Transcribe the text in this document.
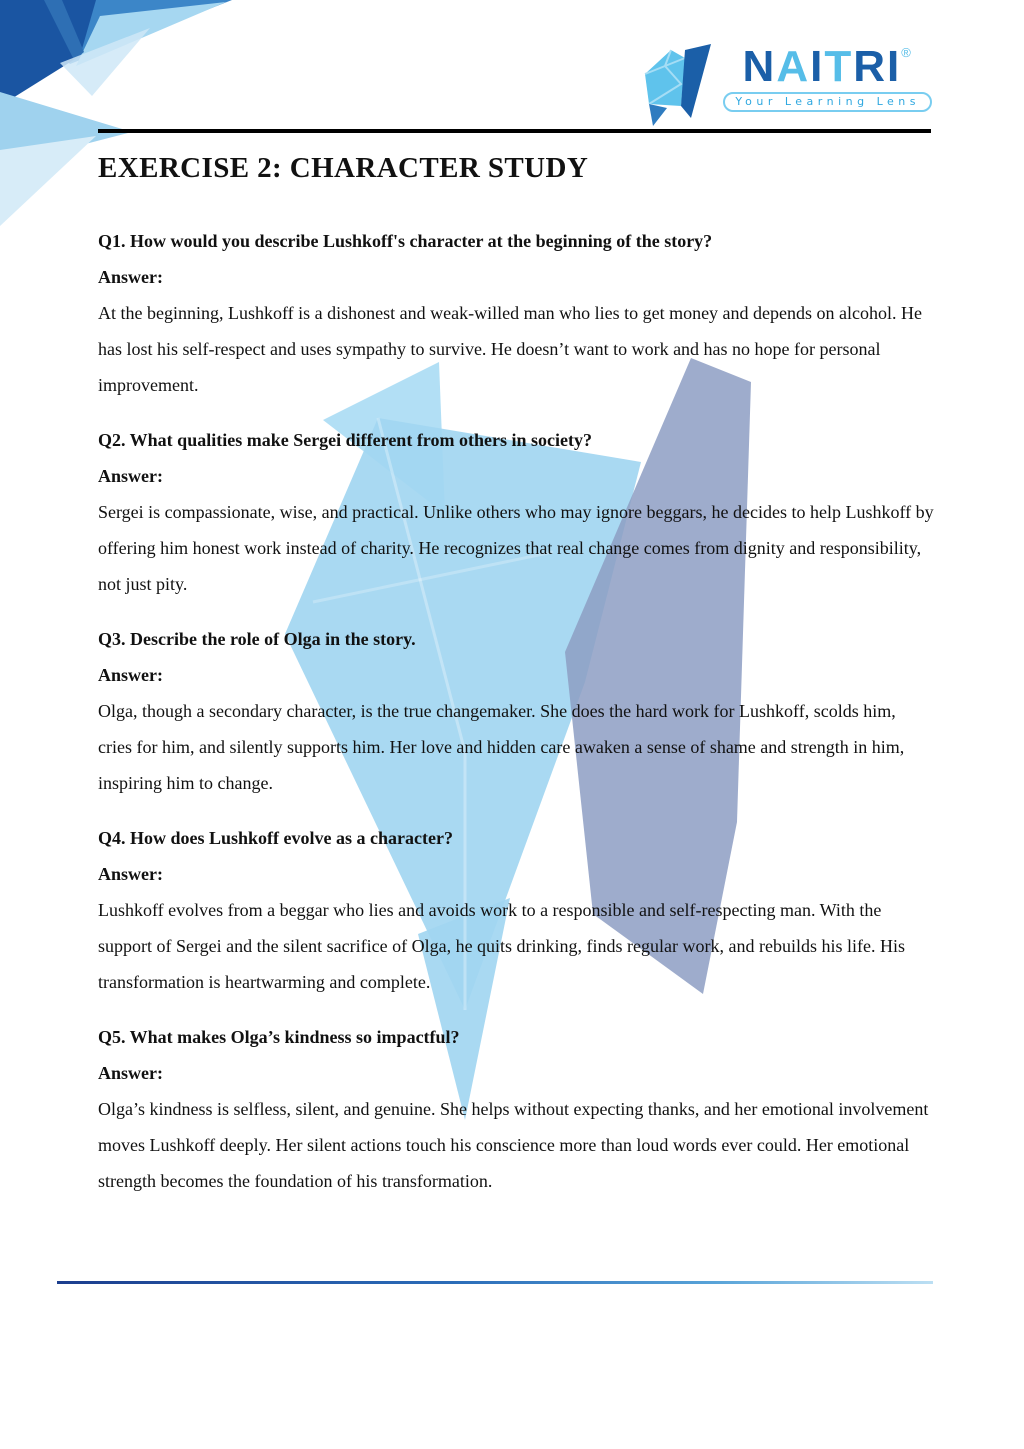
NAITRI®
Your Learning Lens
EXERCISE 2: CHARACTER STUDY
Q1. How would you describe Lushkoff's character at the beginning of the story?
Answer:

At the beginning, Lushkoff is a dishonest and weak-willed man who lies to get money and depends on alcohol. He has lost his self-respect and uses sympathy to survive. He doesn’t want to work and has no hope for personal improvement.

Q2. What qualities make Sergei different from others in society?
Answer:

Sergei is compassionate, wise, and practical. Unlike others who may ignore beggars, he decides to help Lushkoff by offering him honest work instead of charity. He recognizes that real change comes from dignity and responsibility, not just pity.

Q3. Describe the role of Olga in the story.
Answer:

Olga, though a secondary character, is the true changemaker. She does the hard work for Lushkoff, scolds him, cries for him, and silently supports him. Her love and hidden care awaken a sense of shame and strength in him, inspiring him to change.

Q4. How does Lushkoff evolve as a character?
Answer:

Lushkoff evolves from a beggar who lies and avoids work to a responsible and self-respecting man. With the support of Sergei and the silent sacrifice of Olga, he quits drinking, finds regular work, and rebuilds his life. His transformation is heartwarming and complete.

Q5. What makes Olga’s kindness so impactful?
Answer:

Olga’s kindness is selfless, silent, and genuine. She helps without expecting thanks, and her emotional involvement moves Lushkoff deeply. Her silent actions touch his conscience more than loud words ever could. Her emotional strength becomes the foundation of his transformation.
